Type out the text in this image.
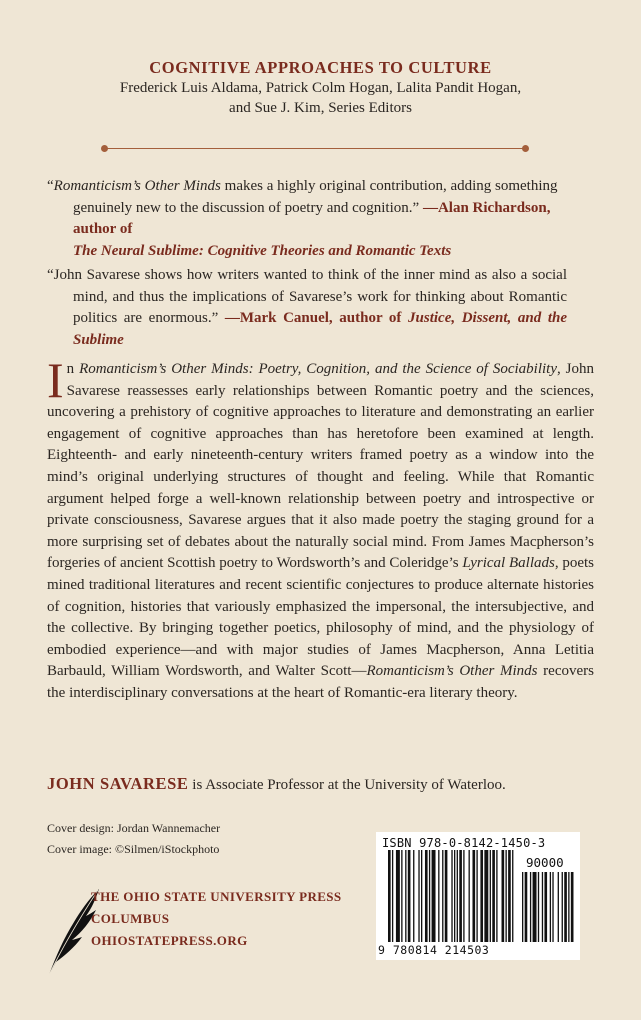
COGNITIVE APPROACHES TO CULTURE
Frederick Luis Aldama, Patrick Colm Hogan, Lalita Pandit Hogan,
and Sue J. Kim, Series Editors
“Romanticism’s Other Minds makes a highly original contribution, adding something
genuinely new to the discussion of poetry and cognition.” —Alan Richardson, author of
The Neural Sublime: Cognitive Theories and Romantic Texts
“John Savarese shows how writers wanted to think of the inner mind as also a social mind, and thus the implications of Savarese’s work for thinking about Romantic politics are enormous.” —Mark Canuel, author of Justice, Dissent, and the Sublime
In Romanticism’s Other Minds: Poetry, Cognition, and the Science of Sociability, John Savarese reassesses early relationships between Romantic poetry and the sciences, uncovering a prehistory of cognitive approaches to literature and demonstrating an earlier engagement of cognitive approaches than has heretofore been examined at length. Eighteenth- and early nineteenth-century writers framed poetry as a window into the mind’s original underlying structures of thought and feeling. While that Romantic argument helped forge a well-known relationship between poetry and introspective or private consciousness, Savarese argues that it also made poetry the staging ground for a more surprising set of debates about the naturally social mind. From James Macpherson’s forgeries of ancient Scottish poetry to Wordsworth’s and Coleridge’s Lyrical Ballads, poets mined traditional literatures and recent scientific conjectures to produce alternate histories of cognition, histories that variously emphasized the impersonal, the intersubjective, and the collective. By bringing together poetics, philosophy of mind, and the physiology of embodied experience—and with major studies of James Macpherson, Anna Letitia Barbauld, William Wordsworth, and Walter Scott—Romanticism’s Other Minds recovers the interdisciplinary conversations at the heart of Romantic-era literary theory.
JOHN SAVARESE is Associate Professor at the University of Waterloo.
Cover design: Jordan Wannemacher
Cover image: ©Silmen/iStockphoto
THE OHIO STATE UNIVERSITY PRESS
COLUMBUS
OHIOSTATEPRESS.ORG
ISBN 978-0-8142-1450-3
90000
9 780814 214503
